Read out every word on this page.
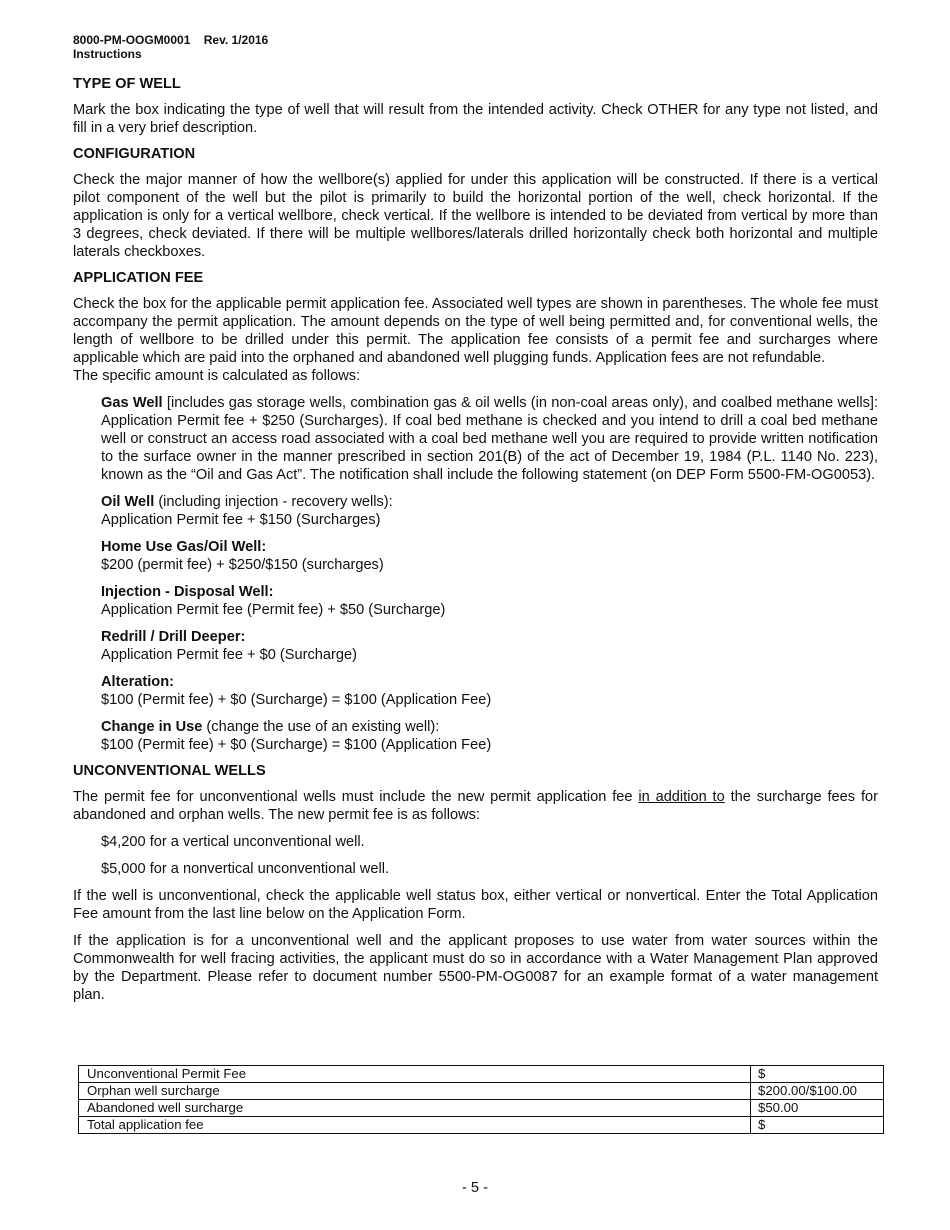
8000-PM-OOGM0001 Rev. 1/2016
Instructions
TYPE OF WELL

Mark the box indicating the type of well that will result from the intended activity. Check OTHER for any type not listed, and fill in a very brief description.

CONFIGURATION

Check the major manner of how the wellbore(s) applied for under this application will be constructed. If there is a vertical pilot component of the well but the pilot is primarily to build the horizontal portion of the well, check horizontal. If the application is only for a vertical wellbore, check vertical. If the wellbore is intended to be deviated from vertical by more than 3 degrees, check deviated. If there will be multiple wellbores/laterals drilled horizontally check both horizontal and multiple laterals checkboxes.

APPLICATION FEE

Check the box for the applicable permit application fee. Associated well types are shown in parentheses. The whole fee must accompany the permit application. The amount depends on the type of well being permitted and, for conventional wells, the length of wellbore to be drilled under this permit. The application fee consists of a permit fee and surcharges where applicable which are paid into the orphaned and abandoned well plugging funds. Application fees are not refundable.

The specific amount is calculated as follows:

Gas Well [includes gas storage wells, combination gas & oil wells (in non-coal areas only), and coalbed methane wells]: Application Permit fee + $250 (Surcharges). If coal bed methane is checked and you intend to drill a coal bed methane well or construct an access road associated with a coal bed methane well you are required to provide written notification to the surface owner in the manner prescribed in section 201(B) of the act of December 19, 1984 (P.L. 1140 No. 223), known as the “Oil and Gas Act”. The notification shall include the following statement (on DEP Form 5500-FM-OG0053).

Oil Well (including injection - recovery wells):
Application Permit fee + $150 (Surcharges)
Home Use Gas/Oil Well:
$200 (permit fee) + $250/$150 (surcharges)
Injection - Disposal Well:
Application Permit fee (Permit fee) + $50 (Surcharge)
Redrill / Drill Deeper:
Application Permit fee + $0 (Surcharge)
Alteration:
$100 (Permit fee) + $0 (Surcharge) = $100 (Application Fee)
Change in Use (change the use of an existing well):
$100 (Permit fee) + $0 (Surcharge) = $100 (Application Fee)
UNCONVENTIONAL WELLS

The permit fee for unconventional wells must include the new permit application fee in addition to the surcharge fees for abandoned and orphan wells. The new permit fee is as follows:

$4,200 for a vertical unconventional well.

$5,000 for a nonvertical unconventional well.

If the well is unconventional, check the applicable well status box, either vertical or nonvertical. Enter the Total Application Fee amount from the last line below on the Application Form.

If the application is for a unconventional well and the applicant proposes to use water from water sources within the Commonwealth for well fracing activities, the applicant must do so in accordance with a Water Management Plan approved by the Department. Please refer to document number 5500-PM-OG0087 for an example format of a water management plan.

Unconventional Permit Fee	$
Orphan well surcharge	$200.00/$100.00
Abandoned well surcharge	$50.00
Total application fee	$
- 5 -
